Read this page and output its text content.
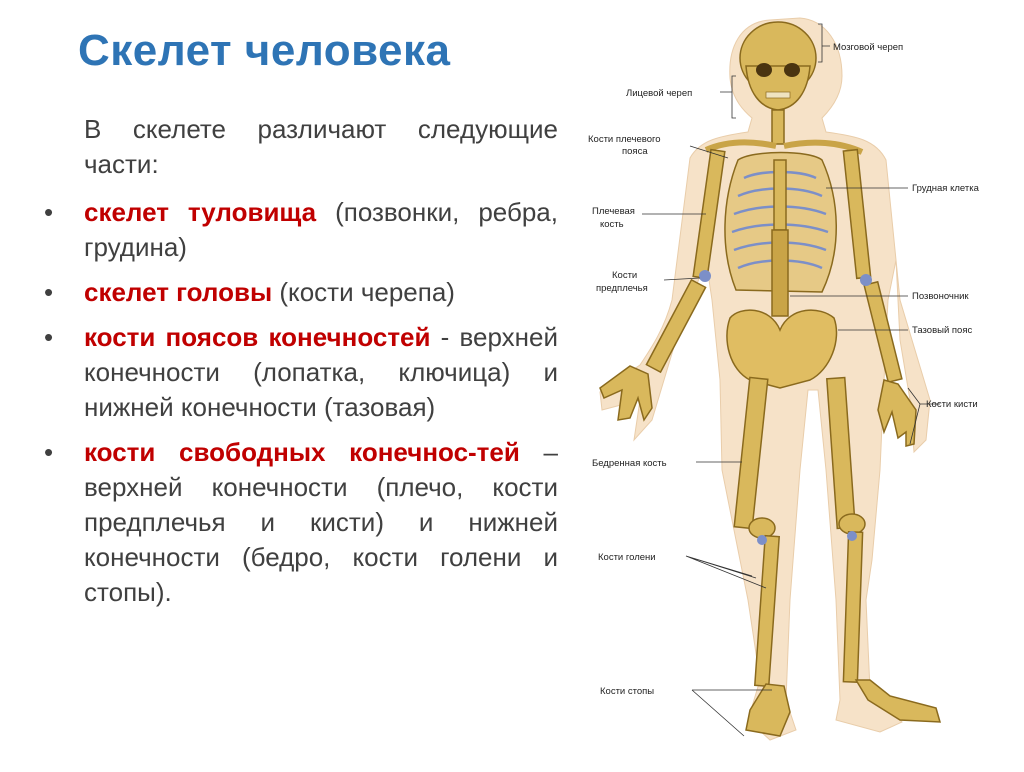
Скелет человека

В скелете различают следующие части:

• скелет туловища (позвонки, ребра, грудина)
• скелет головы (кости черепа)
• кости поясов конечностей - верхней конечности (лопатка, ключица) и нижней конечности (тазовая)
• кости свободных конечнос-тей – верхней конечности (плечо, кости предплечья и кисти) и нижней конечности (бедро, кости голени и стопы).
Мозговой череп
Лицевой череп
Кости плечевого
пояса
Грудная клетка
Плечевая
кость
Кости
предплечья
Позвоночник
Тазовый пояс
Кости кисти
Бедренная кость
Кости голени
Кости стопы
